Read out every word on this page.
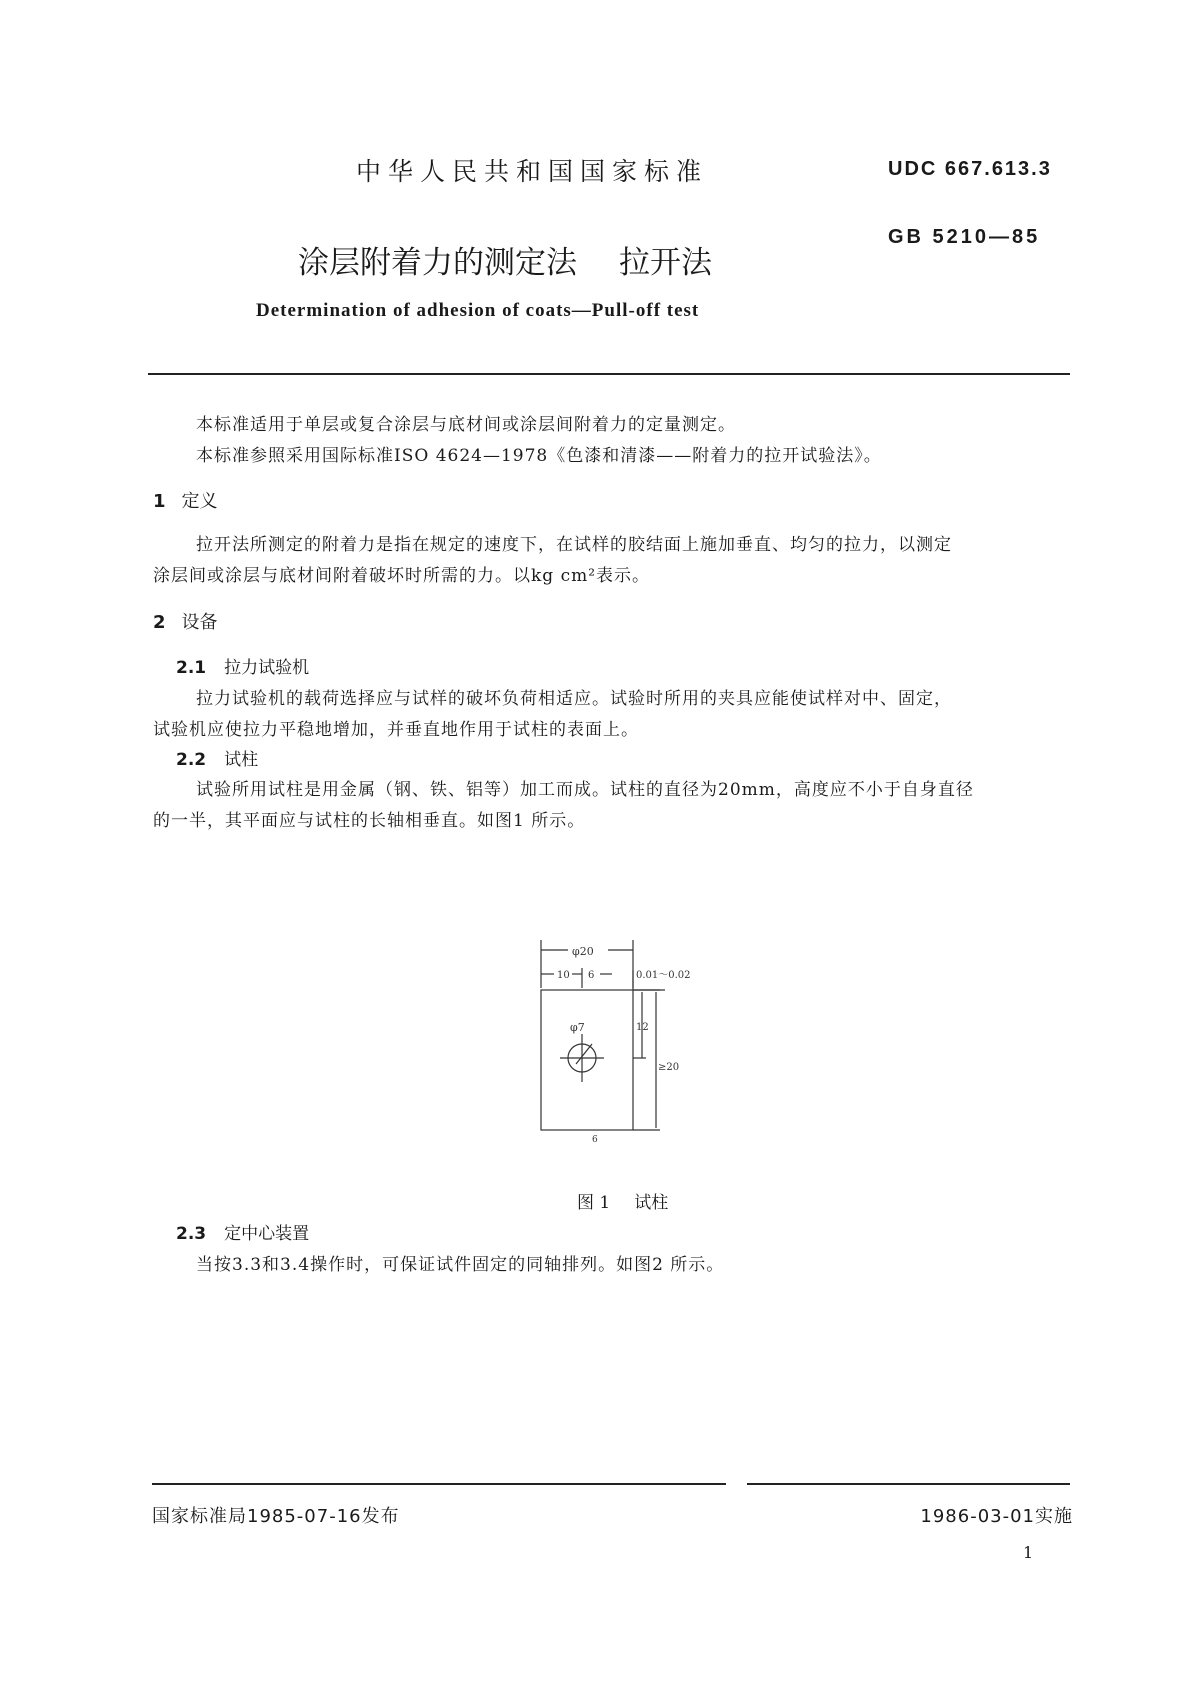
中华人民共和国国家标准	UDC 667.613.3
GB 5210—85
涂层附着力的测定法 拉开法
Determination of adhesion of coats—Pull-off test
本标准适用于单层或复合涂层与底材间或涂层间附着力的定量测定。
本标准参照采用国际标准ISO 4624—1978《色漆和清漆——附着力的拉开试验法》。
1 定义
拉开法所测定的附着力是指在规定的速度下，在试样的胶结面上施加垂直、均匀的拉力，以测定
涂层间或涂层与底材间附着破坏时所需的力。以kg cm²表示。
2 设备
2.1 拉力试验机
拉力试验机的载荷选择应与试样的破坏负荷相适应。试验时所用的夹具应能使试样对中、固定，
试验机应使拉力平稳地增加，并垂直地作用于试柱的表面上。
2.2 试柱
试验所用试柱是用金属（钢、铁、铝等）加工而成。试柱的直径为20mm，高度应不小于自身直径
的一半，其平面应与试柱的长轴相垂直。如图1 所示。
φ20
10 6	0.01～0.02
φ7	12
≥20
6
图 1 试柱
2.3 定中心装置
当按3.3和3.4操作时，可保证试件固定的同轴排列。如图2 所示。
国家标准局1985-07-16发布	1986-03-01实施
1
